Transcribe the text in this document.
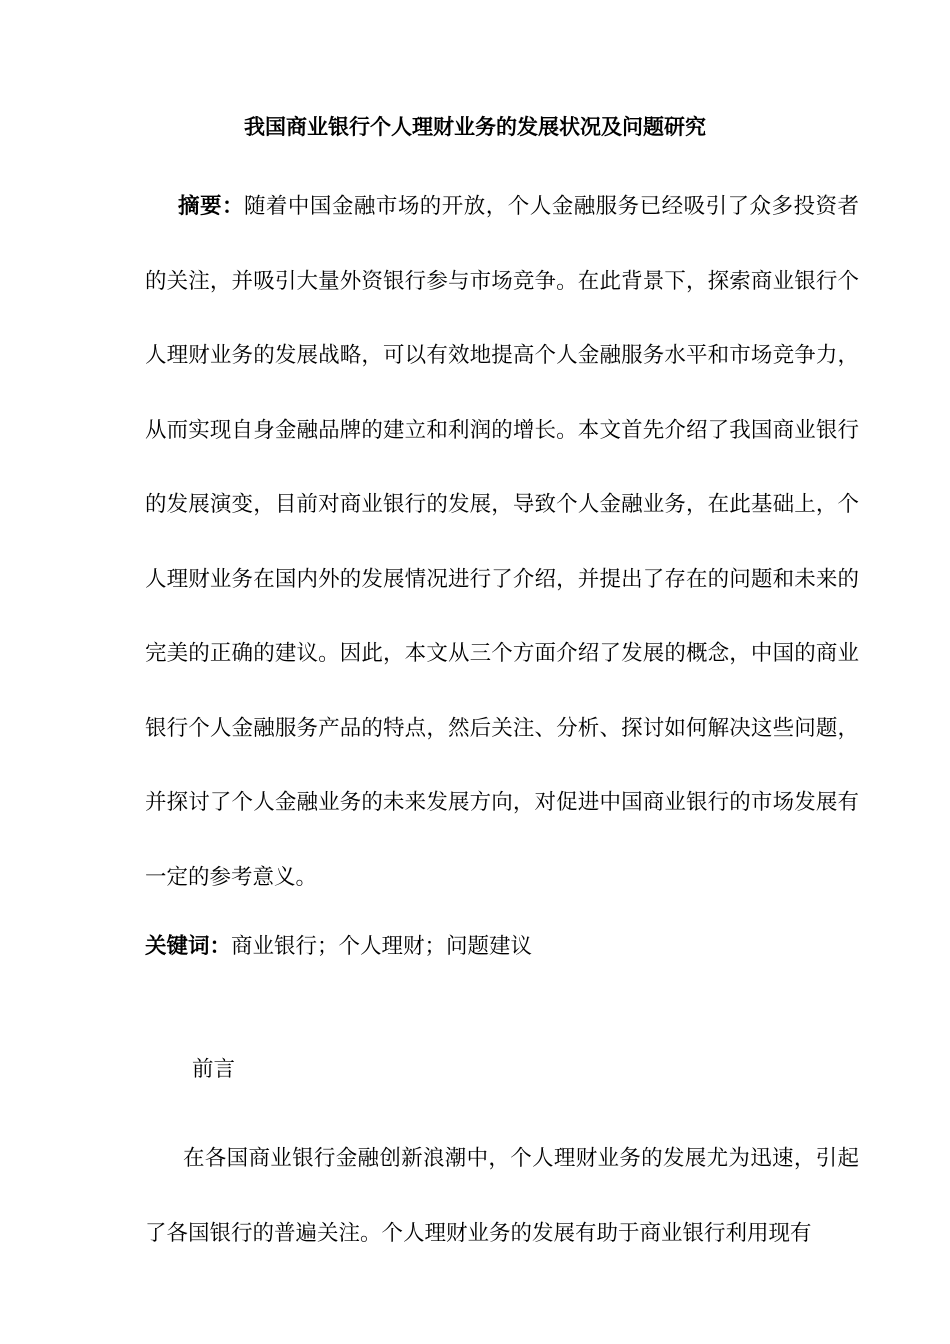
我国商业银行个人理财业务的发展状况及问题研究

摘要：随着中国金融市场的开放，个人金融服务已经吸引了众多投资者的关注，并吸引大量外资银行参与市场竞争。在此背景下，探索商业银行个人理财业务的发展战略，可以有效地提高个人金融服务水平和市场竞争力，从而实现自身金融品牌的建立和利润的增长。本文首先介绍了我国商业银行的发展演变，目前对商业银行的发展，导致个人金融业务，在此基础上，个人理财业务在国内外的发展情况进行了介绍，并提出了存在的问题和未来的完美的正确的建议。因此，本文从三个方面介绍了发展的概念，中国的商业银行个人金融服务产品的特点，然后关注、分析、探讨如何解决这些问题，并探讨了个人金融业务的未来发展方向，对促进中国商业银行的市场发展有一定的参考意义。

关键词：商业银行；个人理财；问题建议

前言

在各国商业银行金融创新浪潮中，个人理财业务的发展尤为迅速，引起了各国银行的普遍关注。个人理财业务的发展有助于商业银行利用现有
